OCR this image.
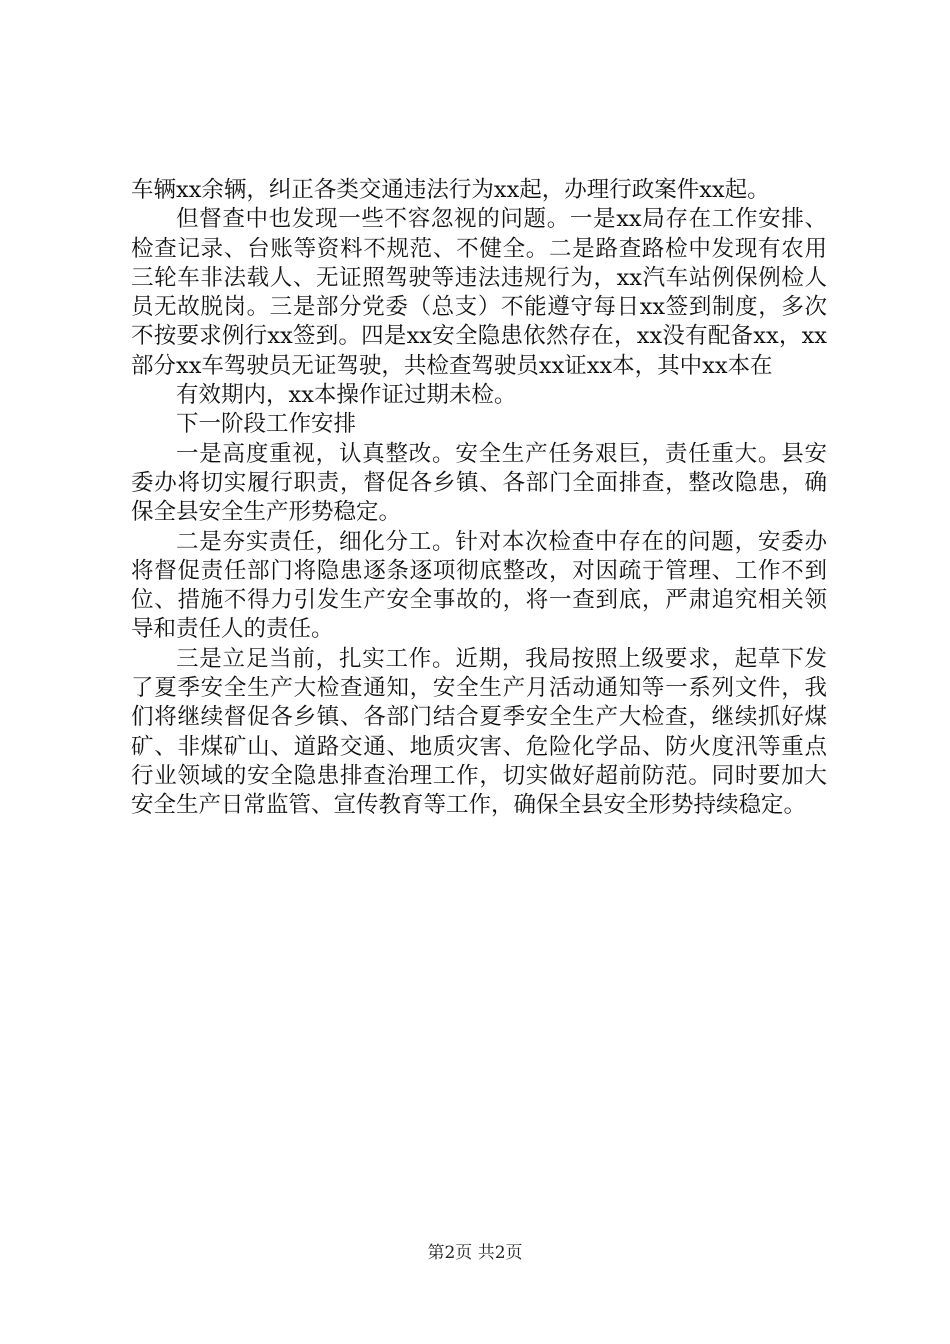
车辆xx余辆，纠正各类交通违法行为xx起，办理行政案件xx起。

但督查中也发现一些不容忽视的问题。一是xx局存在工作安排、检查记录、台账等资料不规范、不健全。二是路查路检中发现有农用三轮车非法载人、无证照驾驶等违法违规行为，xx汽车站例保例检人员无故脱岗。三是部分党委（总支）不能遵守每日xx签到制度，多次不按要求例行xx签到。四是xx安全隐患依然存在，xx没有配备xx，xx部分xx车驾驶员无证驾驶，共检查驾驶员xx证xx本，其中xx本在

有效期内，xx本操作证过期未检。

下一阶段工作安排

一是高度重视，认真整改。安全生产任务艰巨，责任重大。县安委办将切实履行职责，督促各乡镇、各部门全面排查，整改隐患，确保全县安全生产形势稳定。

二是夯实责任，细化分工。针对本次检查中存在的问题，安委办将督促责任部门将隐患逐条逐项彻底整改，对因疏于管理、工作不到位、措施不得力引发生产安全事故的，将一查到底，严肃追究相关领导和责任人的责任。

三是立足当前，扎实工作。近期，我局按照上级要求，起草下发了夏季安全生产大检查通知，安全生产月活动通知等一系列文件，我们将继续督促各乡镇、各部门结合夏季安全生产大检查，继续抓好煤矿、非煤矿山、道路交通、地质灾害、危险化学品、防火度汛等重点行业领域的安全隐患排查治理工作，切实做好超前防范。同时要加大安全生产日常监管、宣传教育等工作，确保全县安全形势持续稳定。

第2页 共2页
